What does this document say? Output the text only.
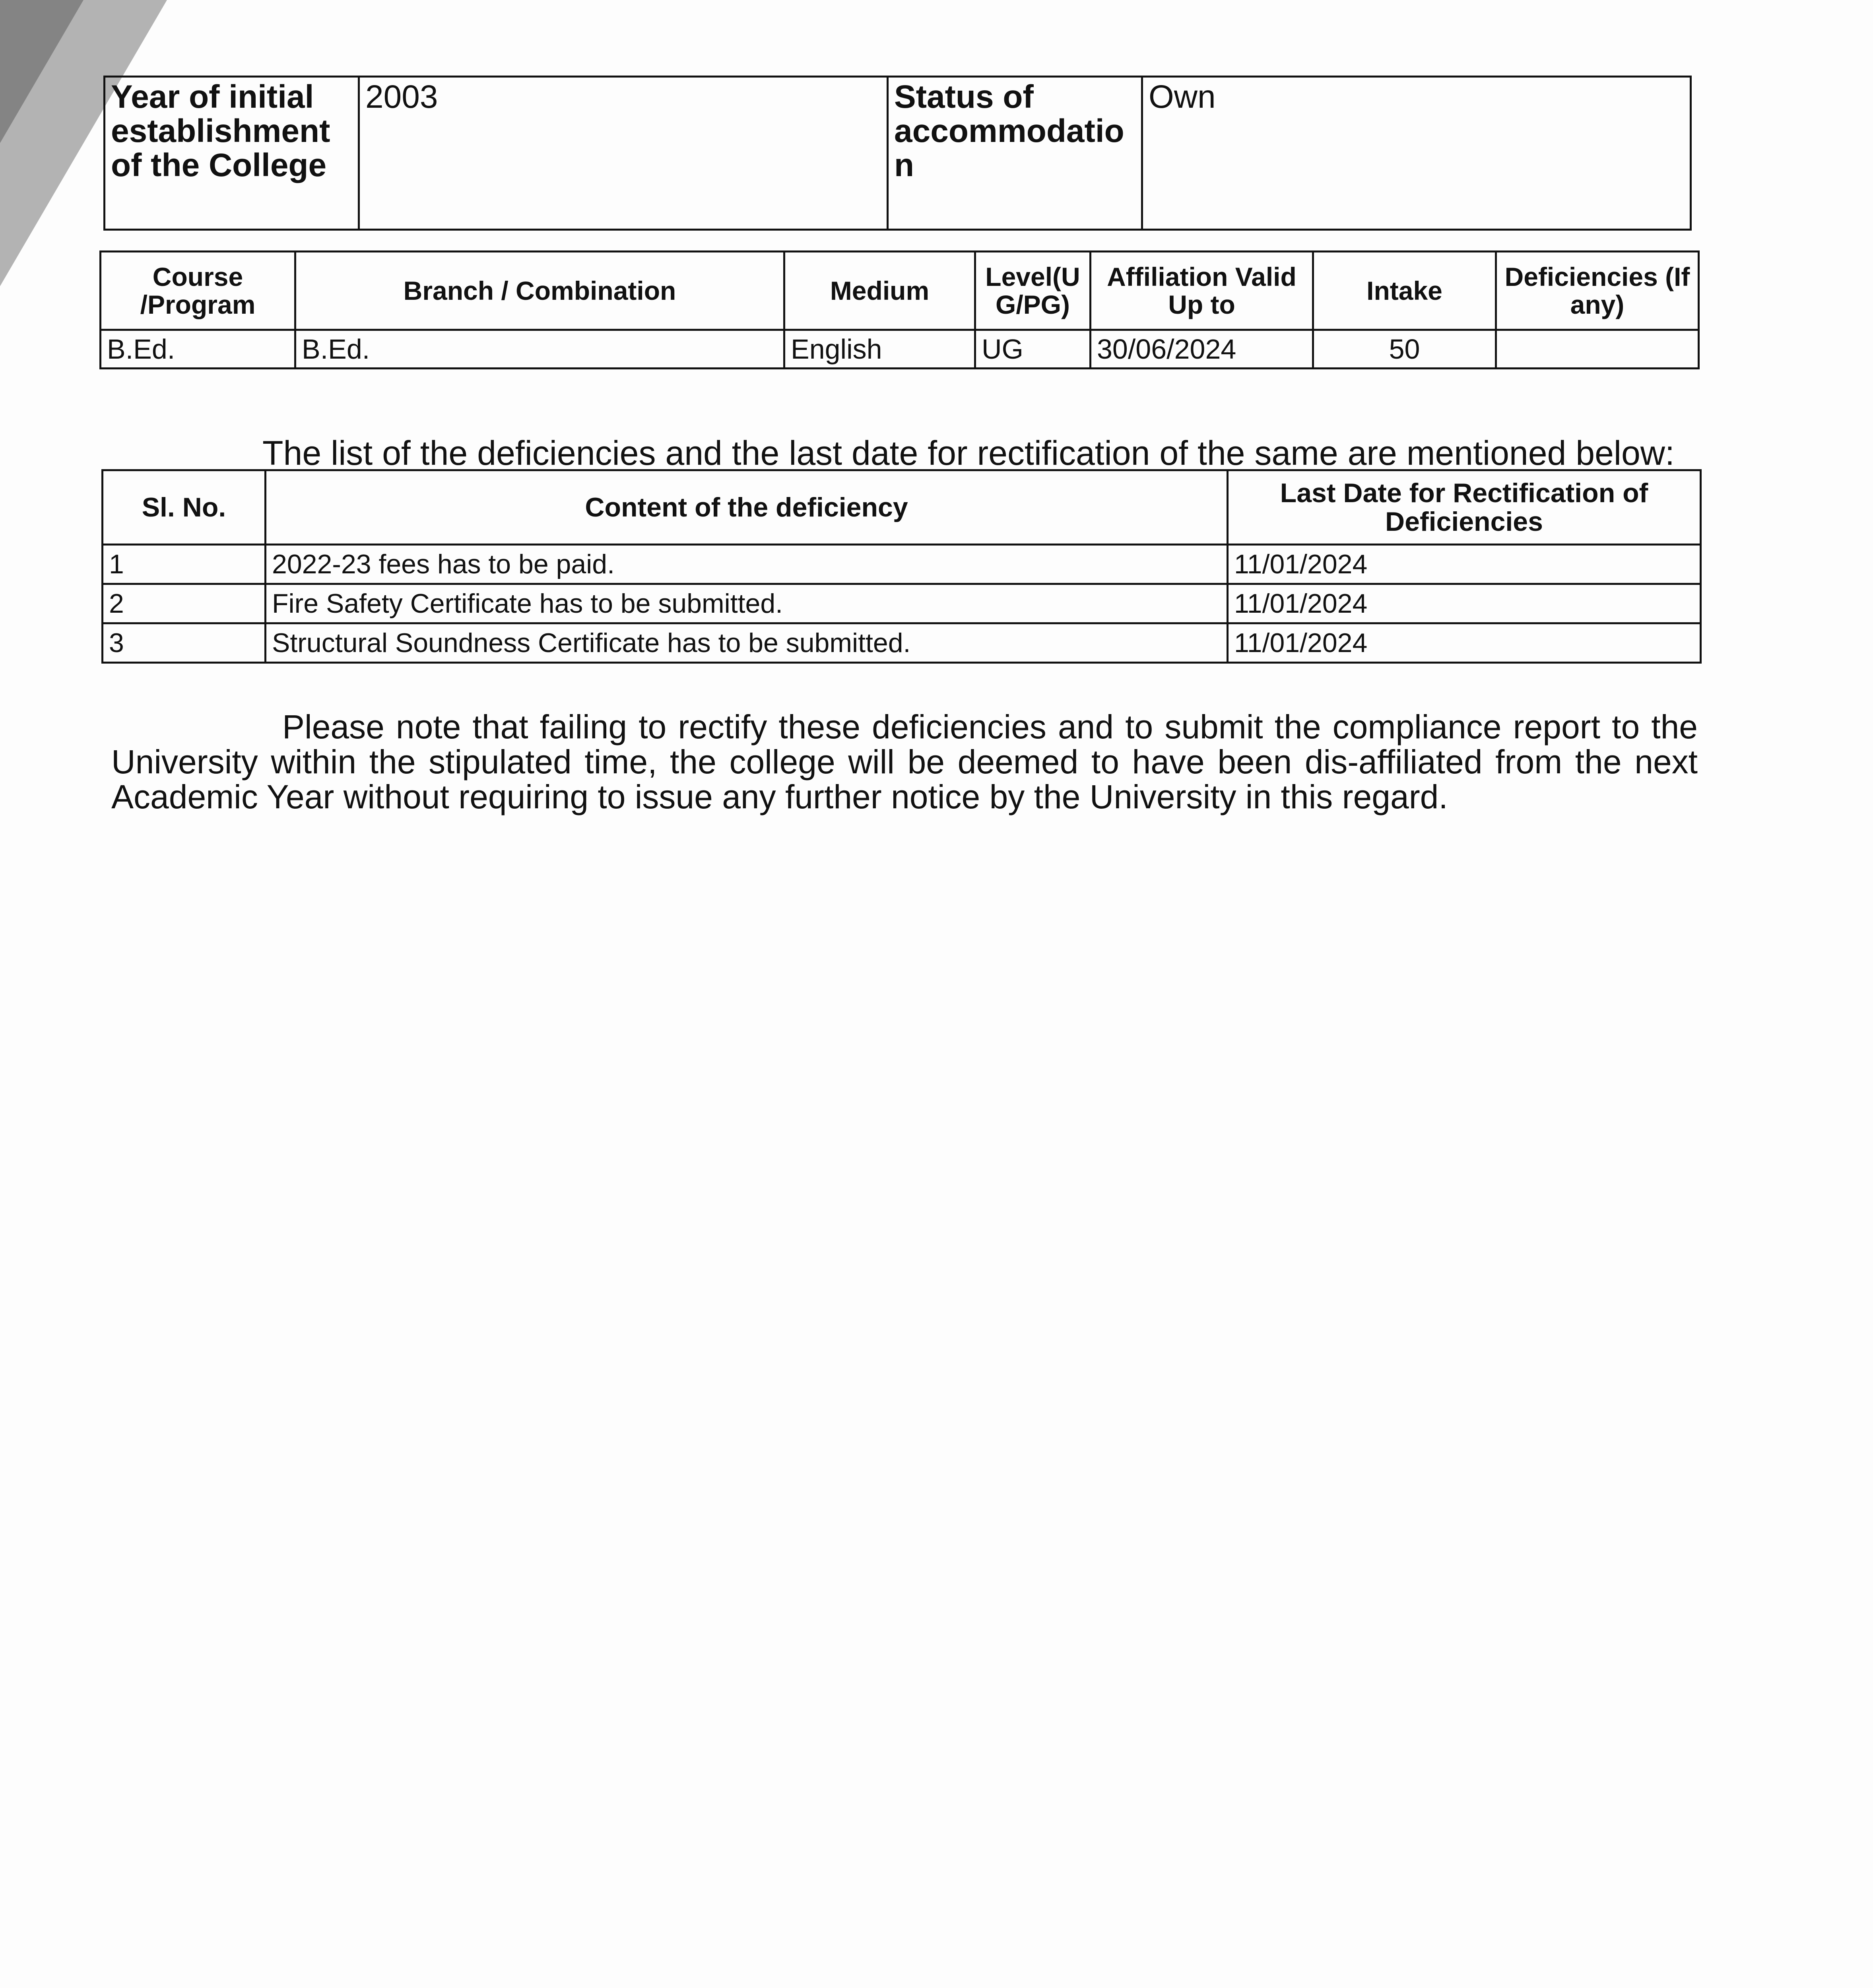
Year of initial establishment of the College	2003	Status of accommodatio n	Own
Course /Program	Branch / Combination	Medium	Level(U G/PG)	Affiliation Valid Up to	Intake	Deficiencies (If any)
B.Ed.	B.Ed.	English	UG	30/06/2024	50	
The list of the deficiencies and the last date for rectification of the same are mentioned below:
Sl. No.	Content of the deficiency	Last Date for Rectification of Deficiencies
1	2022-23 fees has to be paid.	11/01/2024
2	Fire Safety Certificate has to be submitted.	11/01/2024
3	Structural Soundness Certificate has to be submitted.	11/01/2024

Please note that failing to rectify these deficiencies and to submit the compliance report to the University within the stipulated time, the college will be deemed to have been dis-affiliated from the next Academic Year without requiring to issue any further notice by the University in this regard.
